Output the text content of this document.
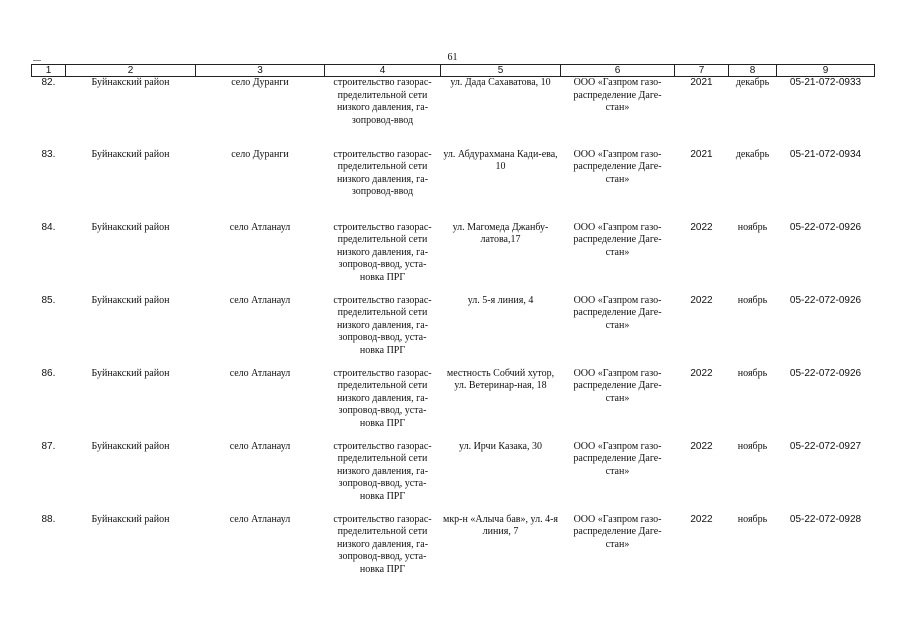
61
1	2	3	4	5	6	7	8	9
82.	Буйнакский район	село Дуранги	строительство газорас-пределительной сети низкого давления, га-зопровод-ввод	ул. Дада Сахаватова, 10	ООО «Газпром газо-распределение Даге-стан»	2021	декабрь	05-21-072-0933
83.	Буйнакский район	село Дуранги	строительство газорас-пределительной сети низкого давления, га-зопровод-ввод	ул. Абдурахмана Кади-ева, 10	ООО «Газпром газо-распределение Даге-стан»	2021	декабрь	05-21-072-0934
84.	Буйнакский район	село Атланаул	строительство газорас-пределительной сети низкого давления, га-зопровод-ввод, уста-новка ПРГ	ул. Магомеда Джанбу-латова,17	ООО «Газпром газо-распределение Даге-стан»	2022	ноябрь	05-22-072-0926
85.	Буйнакский район	село Атланаул	строительство газорас-пределительной сети низкого давления, га-зопровод-ввод, уста-новка ПРГ	ул. 5-я линия, 4	ООО «Газпром газо-распределение Даге-стан»	2022	ноябрь	05-22-072-0926
86.	Буйнакский район	село Атланаул	строительство газорас-пределительной сети низкого давления, га-зопровод-ввод, уста-новка ПРГ	местность Собчий хутор, ул. Ветеринар-ная, 18	ООО «Газпром газо-распределение Даге-стан»	2022	ноябрь	05-22-072-0926
87.	Буйнакский район	село Атланаул	строительство газорас-пределительной сети низкого давления, га-зопровод-ввод, уста-новка ПРГ	ул. Ирчи Казака, 30	ООО «Газпром газо-распределение Даге-стан»	2022	ноябрь	05-22-072-0927
88.	Буйнакский район	село Атланаул	строительство газорас-пределительной сети низкого давления, га-зопровод-ввод, уста-новка ПРГ	мкр-н «Алыча бав», ул. 4-я линия, 7	ООО «Газпром газо-распределение Даге-стан»	2022	ноябрь	05-22-072-0928
